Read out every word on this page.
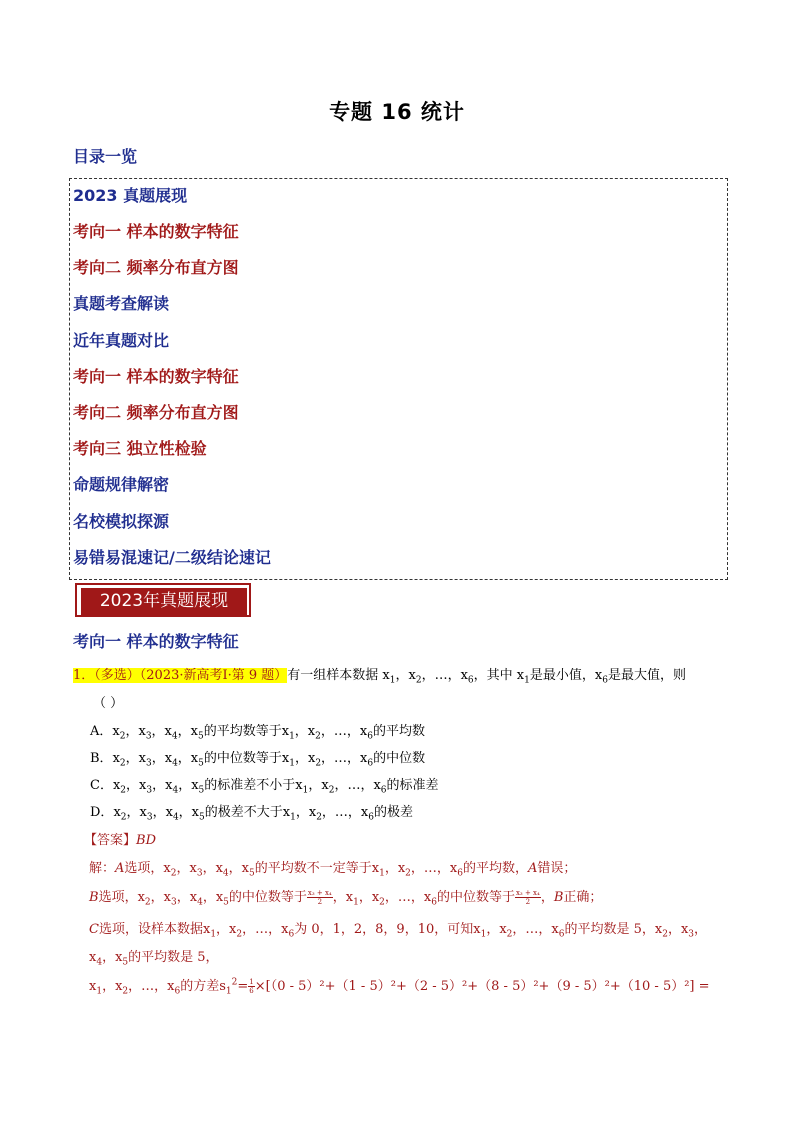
专题 16 统计
目录一览
2023 真题展现
考向一 样本的数字特征
考向二 频率分布直方图
真题考查解读
近年真题对比
考向一 样本的数字特征
考向二 频率分布直方图
考向三 独立性检验
命题规律解密
名校模拟探源
易错易混速记/二级结论速记
2023年真题展现
考向一 样本的数字特征
1．（多选）（2023·新高考Ⅰ·第 9 题）有一组样本数据 $x_1$，$x_2$，…，$x_6$，其中 $x_1$是最小值，$x_6$是最大值，则
（ ）
A．$x_2$，$x_3$，$x_4$，$x_5$的平均数等于$x_1$，$x_2$，…，$x_6$的平均数
B．$x_2$，$x_3$，$x_4$，$x_5$的中位数等于$x_1$，$x_2$，…，$x_6$的中位数
C．$x_2$，$x_3$，$x_4$，$x_5$的标准差不小于$x_1$，$x_2$，…，$x_6$的标准差
D．$x_2$，$x_3$，$x_4$，$x_5$的极差不大于$x_1$，$x_2$，…，$x_6$的极差
【答案】BD
解：A选项，$x_2$，$x_3$，$x_4$，$x_5$的平均数不一定等于$x_1$，$x_2$，…，$x_6$的平均数，A错误；
B选项，$x_2$，$x_3$，$x_4$，$x_5$的中位数等于 $\frac{\text{x₃ + x₄}}{2}$ ，$x_1$，$x_2$，…，$x_6$的中位数等于 $\frac{\text{x₃ + x₄}}{2}$ ，B正确；
C选项，设样本数据$x_1$，$x_2$，…，$x_6$为 0，1，2，8，9，10，可知$x_1$，$x_2$，…，$x_6$的平均数是 5，$x_2$，$x_3$，
$x_4$，$x_5$的平均数是 5，
$x_1$，$x_2$，…，$x_6$的方差$s_1^2= \frac{1}{6} \times[(0 - 5)^2+(1 - 5)^2+(2 - 5)^2+(8 - 5)^2+(9 - 5)^2+(10 - 5)^2]$ =
